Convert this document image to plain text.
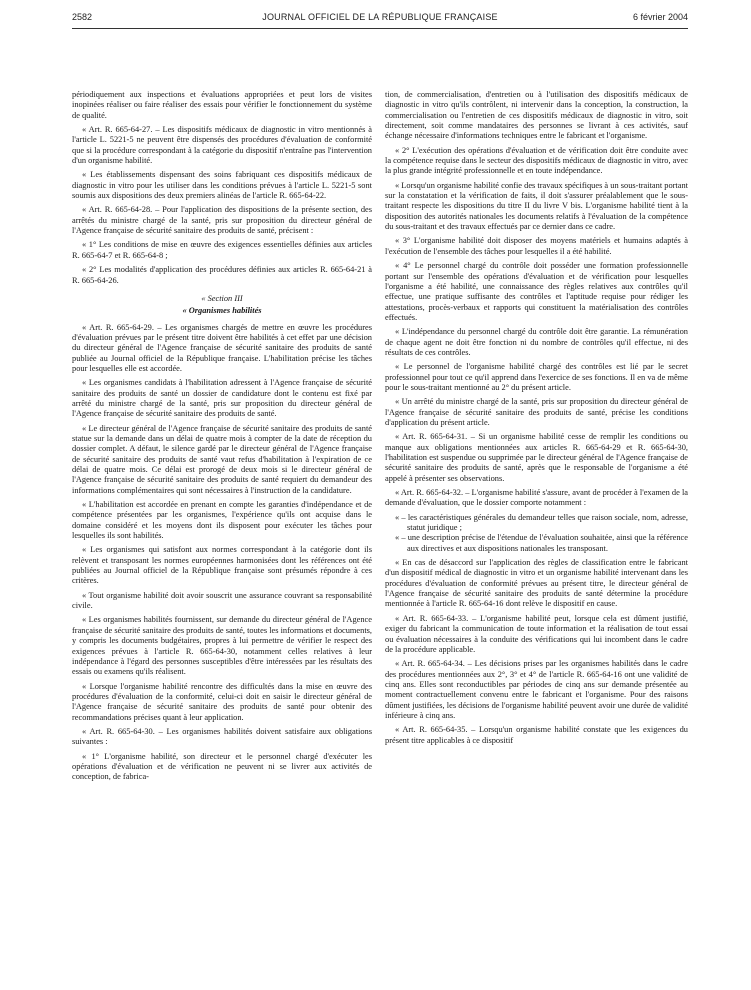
2582	JOURNAL OFFICIEL DE LA RÉPUBLIQUE FRANÇAISE	6 février 2004

périodiquement aux inspections et évaluations appropriées et peut lors de visites inopinées réaliser ou faire réaliser des essais pour vérifier le fonctionnement du système de qualité.

« Art. R. 665-64-27. – Les dispositifs médicaux de diagnostic in vitro mentionnés à l'article L. 5221-5 ne peuvent être dispensés des procédures d'évaluation de conformité que si la procédure correspondant à la catégorie du dispositif n'entraîne pas l'intervention d'un organisme habilité.

« Les établissements dispensant des soins fabriquant ces dispositifs médicaux de diagnostic in vitro pour les utiliser dans les conditions prévues à l'article L. 5221-5 sont soumis aux dispositions des deux premiers alinéas de l'article R. 665-64-22.

« Art. R. 665-64-28. – Pour l'application des dispositions de la présente section, des arrêtés du ministre chargé de la santé, pris sur proposition du directeur général de l'Agence française de sécurité sanitaire des produits de santé, précisent :

« 1° Les conditions de mise en œuvre des exigences essentielles définies aux articles R. 665-64-7 et R. 665-64-8 ;

« 2° Les modalités d'application des procédures définies aux articles R. 665-64-21 à R. 665-64-26.

« Section III

« Organismes habilités

« Art. R. 665-64-29. – Les organismes chargés de mettre en œuvre les procédures d'évaluation prévues par le présent titre doivent être habilités à cet effet par une décision du directeur général de l'Agence française de sécurité sanitaire des produits de santé publiée au Journal officiel de la République française. L'habilitation précise les tâches pour lesquelles elle est accordée.

« Les organismes candidats à l'habilitation adressent à l'Agence française de sécurité sanitaire des produits de santé un dossier de candidature dont le contenu est fixé par arrêté du ministre chargé de la santé, pris sur proposition du directeur général de l'Agence française de sécurité sanitaire des produits de santé.

« Le directeur général de l'Agence française de sécurité sanitaire des produits de santé statue sur la demande dans un délai de quatre mois à compter de la date de réception du dossier complet. A défaut, le silence gardé par le directeur général de l'Agence française de sécurité sanitaire des produits de santé vaut refus d'habilitation à l'expiration de ce délai de quatre mois. Ce délai est prorogé de deux mois si le directeur général de l'Agence française de sécurité sanitaire des produits de santé requiert du demandeur des informations complémentaires qui sont nécessaires à l'instruction de la candidature.

« L'habilitation est accordée en prenant en compte les garanties d'indépendance et de compétence présentées par les organismes, l'expérience qu'ils ont acquise dans le domaine considéré et les moyens dont ils disposent pour exécuter les tâches pour lesquelles ils sont habilités.

« Les organismes qui satisfont aux normes correspondant à la catégorie dont ils relèvent et transposant les normes européennes harmonisées dont les références ont été publiées au Journal officiel de la République française sont présumés répondre à ces critères.

« Tout organisme habilité doit avoir souscrit une assurance couvrant sa responsabilité civile.

« Les organismes habilités fournissent, sur demande du directeur général de l'Agence française de sécurité sanitaire des produits de santé, toutes les informations et documents, y compris les documents budgétaires, propres à lui permettre de vérifier le respect des exigences prévues à l'article R. 665-64-30, notamment celles relatives à leur indépendance à l'égard des personnes susceptibles d'être intéressées par les résultats des essais ou examens qu'ils réalisent.

« Lorsque l'organisme habilité rencontre des difficultés dans la mise en œuvre des procédures d'évaluation de la conformité, celui-ci doit en saisir le directeur général de l'Agence française de sécurité sanitaire des produits de santé pour obtenir des recommandations précises quant à leur application.

« Art. R. 665-64-30. – Les organismes habilités doivent satisfaire aux obligations suivantes :

« 1° L'organisme habilité, son directeur et le personnel chargé d'exécuter les opérations d'évaluation et de vérification ne peuvent ni se livrer aux activités de conception, de fabrica-

tion, de commercialisation, d'entretien ou à l'utilisation des dispositifs médicaux de diagnostic in vitro qu'ils contrôlent, ni intervenir dans la conception, la construction, la commercialisation ou l'entretien de ces dispositifs médicaux de diagnostic in vitro, soit directement, soit comme mandataires des personnes se livrant à ces activités, sauf échange nécessaire d'informations techniques entre le fabricant et l'organisme.

« 2° L'exécution des opérations d'évaluation et de vérification doit être conduite avec la compétence requise dans le secteur des dispositifs médicaux de diagnostic in vitro, avec la plus grande intégrité professionnelle et en toute indépendance.

« Lorsqu'un organisme habilité confie des travaux spécifiques à un sous-traitant portant sur la constatation et la vérification de faits, il doit s'assurer préalablement que le sous-traitant respecte les dispositions du titre II du livre V bis. L'organisme habilité tient à la disposition des autorités nationales les documents relatifs à l'évaluation de la compétence du sous-traitant et des travaux effectués par ce dernier dans ce cadre.

« 3° L'organisme habilité doit disposer des moyens matériels et humains adaptés à l'exécution de l'ensemble des tâches pour lesquelles il a été habilité.

« 4° Le personnel chargé du contrôle doit posséder une formation professionnelle portant sur l'ensemble des opérations d'évaluation et de vérification pour lesquelles l'organisme a été habilité, une connaissance des règles relatives aux contrôles qu'il effectue, une pratique suffisante des contrôles et l'aptitude requise pour rédiger les attestations, procès-verbaux et rapports qui constituent la matérialisation des contrôles effectués.

« L'indépendance du personnel chargé du contrôle doit être garantie. La rémunération de chaque agent ne doit être fonction ni du nombre de contrôles qu'il effectue, ni des résultats de ces contrôles.

« Le personnel de l'organisme habilité chargé des contrôles est lié par le secret professionnel pour tout ce qu'il apprend dans l'exercice de ses fonctions. Il en va de même pour le sous-traitant mentionné au 2° du présent article.

« Un arrêté du ministre chargé de la santé, pris sur proposition du directeur général de l'Agence française de sécurité sanitaire des produits de santé, précise les conditions d'application du présent article.

« Art. R. 665-64-31. – Si un organisme habilité cesse de remplir les conditions ou manque aux obligations mentionnées aux articles R. 665-64-29 et R. 665-64-30, l'habilitation est suspendue ou supprimée par le directeur général de l'Agence française de sécurité sanitaire des produits de santé, après que le responsable de l'organisme a été appelé à présenter ses observations.

« Art. R. 665-64-32. – L'organisme habilité s'assure, avant de procéder à l'examen de la demande d'évaluation, que le dossier comporte notamment :

« – les caractéristiques générales du demandeur telles que raison sociale, nom, adresse, statut juridique ;
« – une description précise de l'étendue de l'évaluation souhaitée, ainsi que la référence aux directives et aux dispositions nationales les transposant.

« En cas de désaccord sur l'application des règles de classification entre le fabricant d'un dispositif médical de diagnostic in vitro et un organisme habilité intervenant dans les procédures d'évaluation de conformité prévues au présent titre, le directeur général de l'Agence française de sécurité sanitaire des produits de santé détermine la procédure mentionnée à l'article R. 665-64-16 dont relève le dispositif en cause.

« Art. R. 665-64-33. – L'organisme habilité peut, lorsque cela est dûment justifié, exiger du fabricant la communication de toute information et la réalisation de tout essai ou évaluation nécessaires à la conduite des vérifications qui lui incombent dans le cadre de la procédure applicable.

« Art. R. 665-64-34. – Les décisions prises par les organismes habilités dans le cadre des procédures mentionnées aux 2°, 3° et 4° de l'article R. 665-64-16 ont une validité de cinq ans. Elles sont reconductibles par périodes de cinq ans sur demande présentée au moment contractuellement convenu entre le fabricant et l'organisme. Pour des raisons dûment justifiées, les décisions de l'organisme habilité peuvent avoir une durée de validité inférieure à cinq ans.

« Art. R. 665-64-35. – Lorsqu'un organisme habilité constate que les exigences du présent titre applicables à ce dispositif
